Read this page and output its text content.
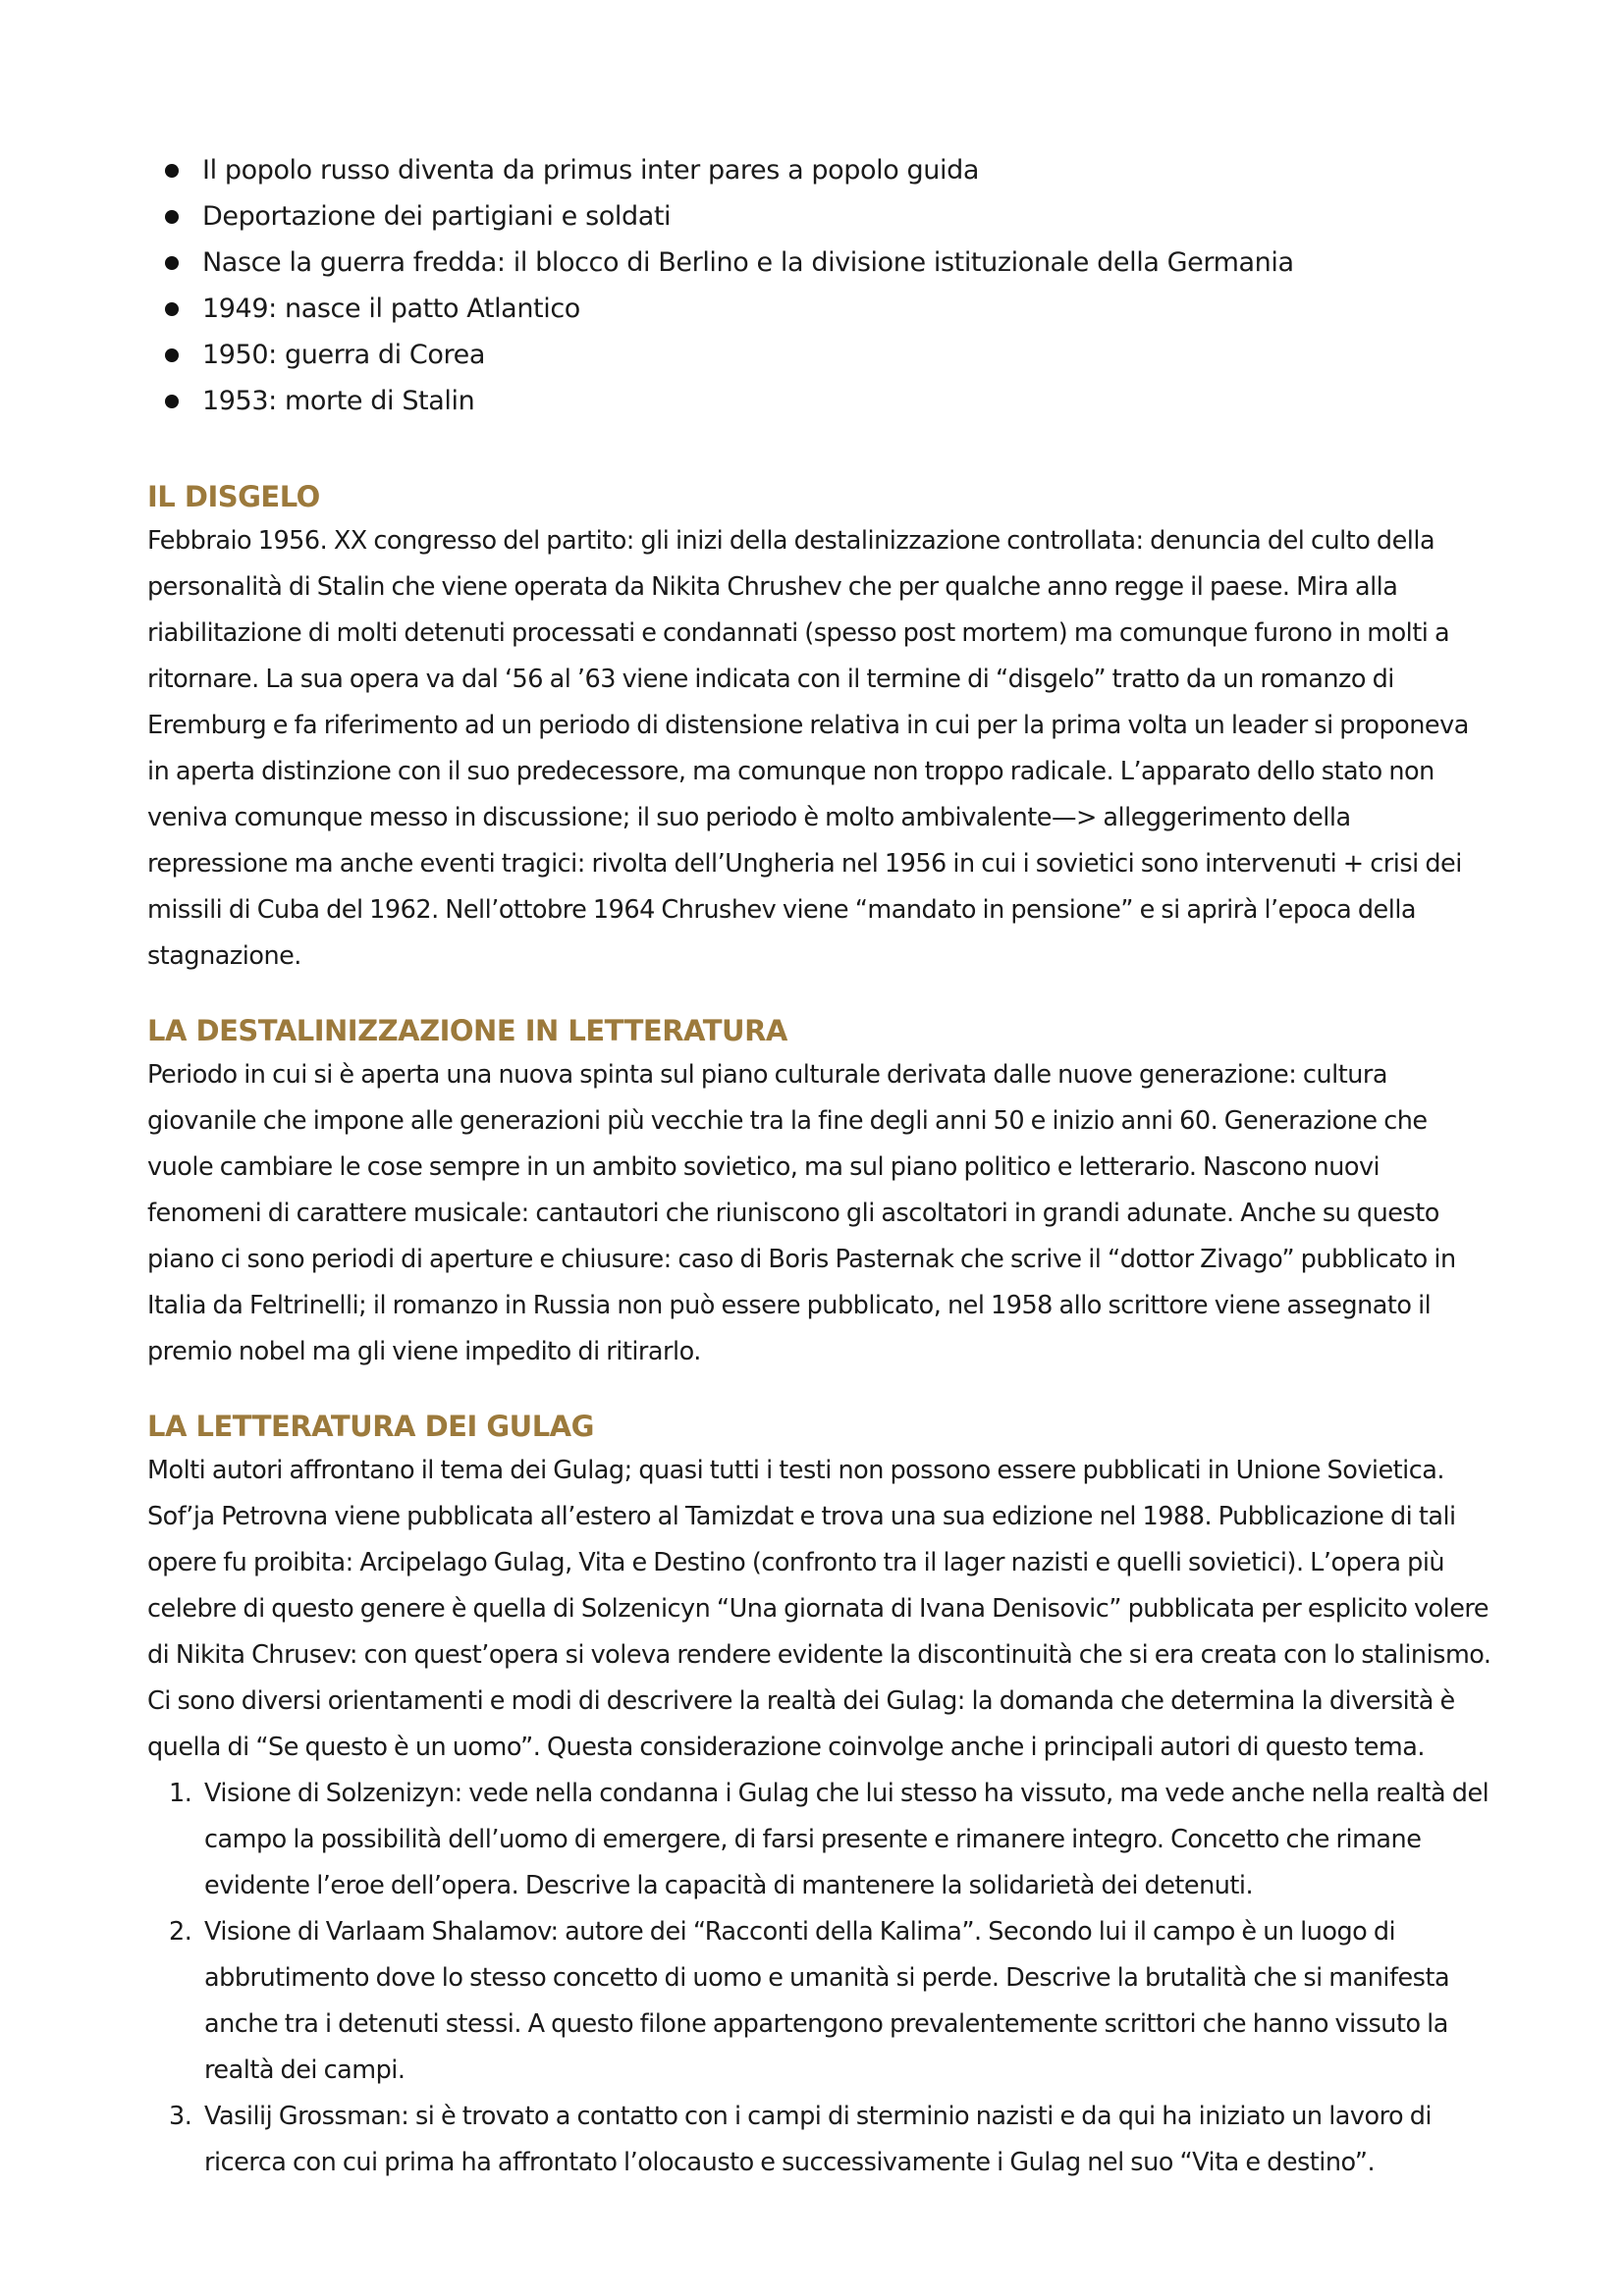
Il popolo russo diventa da primus inter pares a popolo guida
Deportazione dei partigiani e soldati
Nasce la guerra fredda: il blocco di Berlino e la divisione istituzionale della Germania
1949: nasce il patto Atlantico
1950: guerra di Corea
1953: morte di Stalin
IL DISGELO

Febbraio 1956. XX congresso del partito: gli inizi della destalinizzazione controllata: denuncia del culto della personalità di Stalin che viene operata da Nikita Chrushev che per qualche anno regge il paese. Mira alla riabilitazione di molti detenuti processati e condannati (spesso post mortem) ma comunque furono in molti a ritornare. La sua opera va dal ‘56 al ’63 viene indicata con il termine di “disgelo” tratto da un romanzo di Eremburg e fa riferimento ad un periodo di distensione relativa in cui per la prima volta un leader si proponeva in aperta distinzione con il suo predecessore, ma comunque non troppo radicale. L’apparato dello stato non veniva comunque messo in discussione; il suo periodo è molto ambivalente—> alleggerimento della repressione ma anche eventi tragici: rivolta dell’Ungheria nel 1956 in cui i sovietici sono intervenuti + crisi dei missili di Cuba del 1962. Nell’ottobre 1964 Chrushev viene “mandato in pensione” e si aprirà l’epoca della stagnazione.

LA DESTALINIZZAZIONE IN LETTERATURA

Periodo in cui si è aperta una nuova spinta sul piano culturale derivata dalle nuove generazione: cultura giovanile che impone alle generazioni più vecchie tra la fine degli anni 50 e inizio anni 60. Generazione che vuole cambiare le cose sempre in un ambito sovietico, ma sul piano politico e letterario. Nascono nuovi fenomeni di carattere musicale: cantautori che riuniscono gli ascoltatori in grandi adunate. Anche su questo piano ci sono periodi di aperture e chiusure: caso di Boris Pasternak che scrive il “dottor Zivago” pubblicato in Italia da Feltrinelli; il romanzo in Russia non può essere pubblicato, nel 1958 allo scrittore viene assegnato il premio nobel ma gli viene impedito di ritirarlo.

LA LETTERATURA DEI GULAG

Molti autori affrontano il tema dei Gulag; quasi tutti i testi non possono essere pubblicati in Unione Sovietica. Sof’ja Petrovna viene pubblicata all’estero al Tamizdat e trova una sua edizione nel 1988. Pubblicazione di tali opere fu proibita: Arcipelago Gulag, Vita e Destino (confronto tra il lager nazisti e quelli sovietici). L’opera più celebre di questo genere è quella di Solzenicyn “Una giornata di Ivana Denisovic” pubblicata per esplicito volere di Nikita Chrusev: con quest’opera si voleva rendere evidente la discontinuità che si era creata con lo stalinismo. Ci sono diversi orientamenti e modi di descrivere la realtà dei Gulag: la domanda che determina la diversità è quella di “Se questo è un uomo”. Questa considerazione coinvolge anche i principali autori di questo tema.

1. Visione di Solzenizyn: vede nella condanna i Gulag che lui stesso ha vissuto, ma vede anche nella realtà del campo la possibilità dell’uomo di emergere, di farsi presente e rimanere integro. Concetto che rimane evidente l’eroe dell’opera. Descrive la capacità di mantenere la solidarietà dei detenuti.
2. Visione di Varlaam Shalamov: autore dei “Racconti della Kalima”. Secondo lui il campo è un luogo di abbrutimento dove lo stesso concetto di uomo e umanità si perde. Descrive la brutalità che si manifesta anche tra i detenuti stessi. A questo filone appartengono prevalentemente scrittori che hanno vissuto la realtà dei campi.
3. Vasilij Grossman: si è trovato a contatto con i campi di sterminio nazisti e da qui ha iniziato un lavoro di ricerca con cui prima ha affrontato l’olocausto e successivamente i Gulag nel suo “Vita e destino”.
